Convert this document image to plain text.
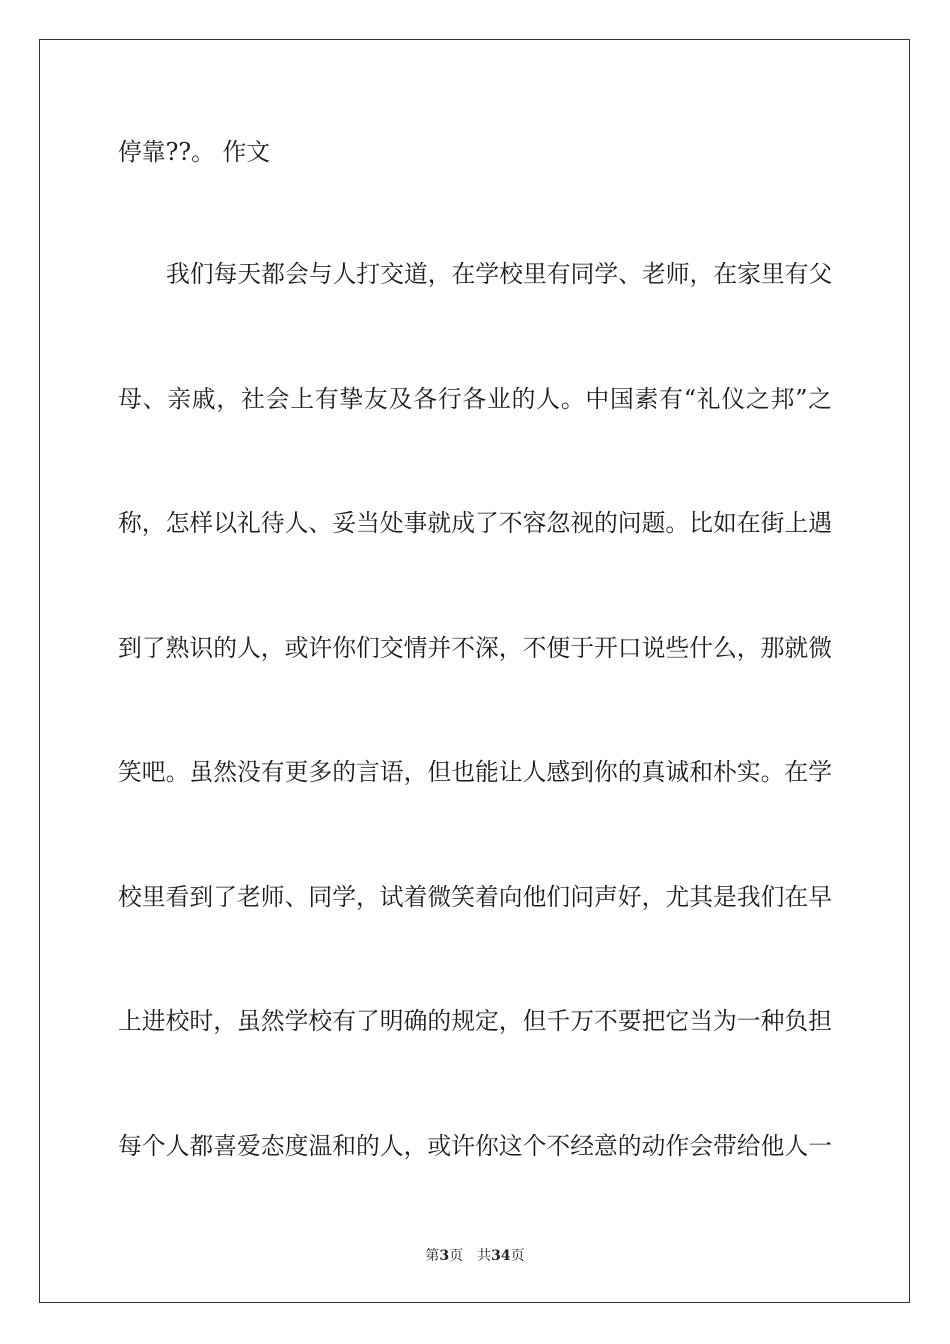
停靠??。 作文
我们每天都会与人打交道，在学校里有同学、老师，在家里有父
母、亲戚，社会上有挚友及各行各业的人。中国素有“礼仪之邦”之
称，怎样以礼待人、妥当处事就成了不容忽视的问题。比如在街上遇
到了熟识的人，或许你们交情并不深，不便于开口说些什么，那就微
笑吧。虽然没有更多的言语，但也能让人感到你的真诚和朴实。在学
校里看到了老师、同学，试着微笑着向他们问声好，尤其是我们在早
上进校时，虽然学校有了明确的规定，但千万不要把它当为一种负担
每个人都喜爱态度温和的人，或许你这个不经意的动作会带给他人一
第3页 共34页
